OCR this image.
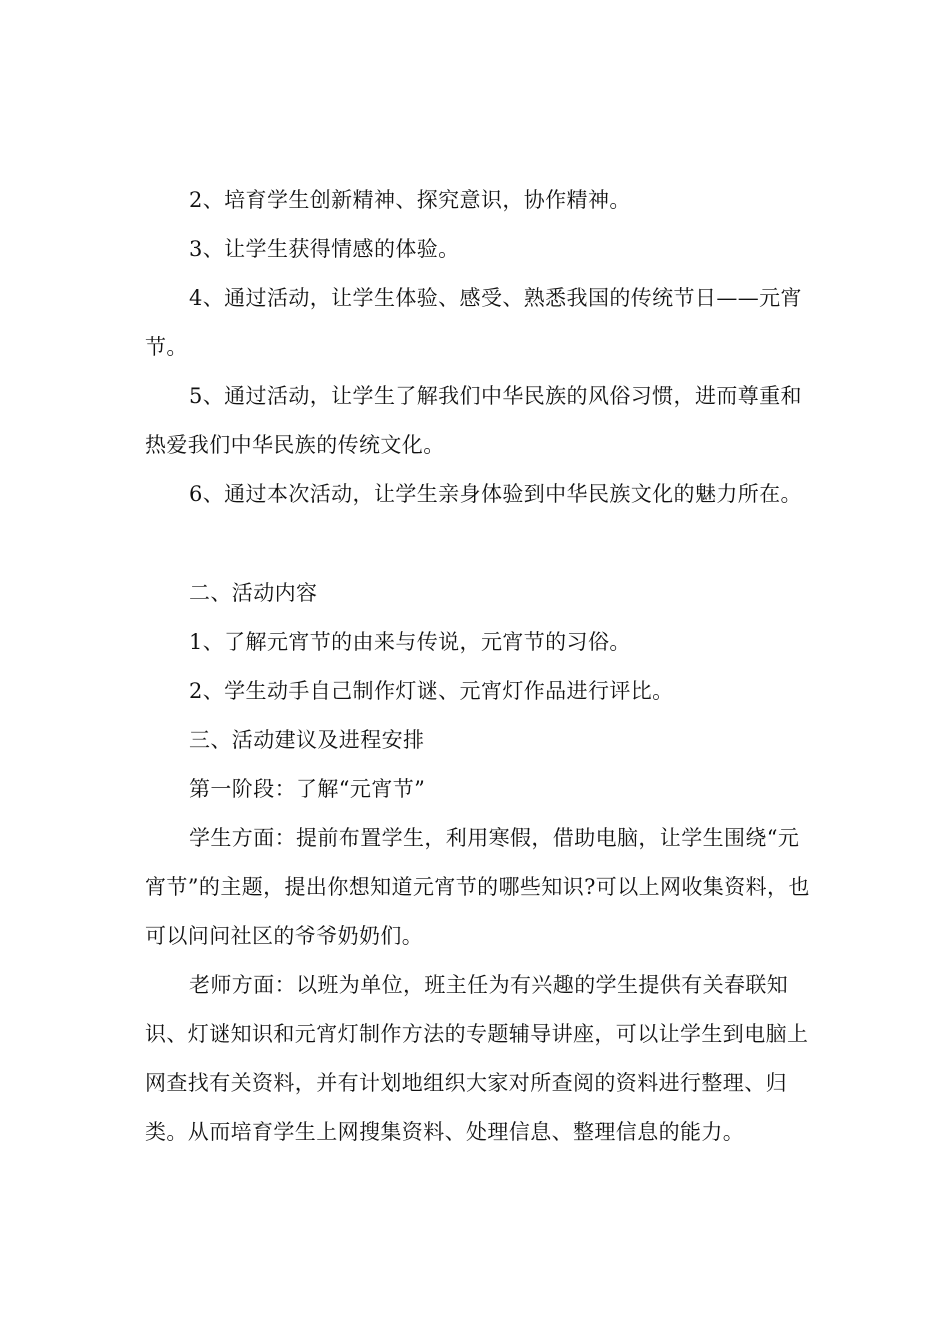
2、培育学生创新精神、探究意识，协作精神。

3、让学生获得情感的体验。

4、通过活动，让学生体验、感受、熟悉我国的传统节日——元宵节。

5、通过活动，让学生了解我们中华民族的风俗习惯，进而尊重和热爱我们中华民族的传统文化。

6、通过本次活动，让学生亲身体验到中华民族文化的魅力所在。

二、活动内容

1、了解元宵节的由来与传说，元宵节的习俗。

2、学生动手自己制作灯谜、元宵灯作品进行评比。

三、活动建议及进程安排

第一阶段：了解“元宵节”

学生方面：提前布置学生，利用寒假，借助电脑，让学生围绕“元宵节”的主题，提出你想知道元宵节的哪些知识?可以上网收集资料，也可以问问社区的爷爷奶奶们。

老师方面：以班为单位，班主任为有兴趣的学生提供有关春联知识、灯谜知识和元宵灯制作方法的专题辅导讲座，可以让学生到电脑上网查找有关资料，并有计划地组织大家对所查阅的资料进行整理、归类。从而培育学生上网搜集资料、处理信息、整理信息的能力。
